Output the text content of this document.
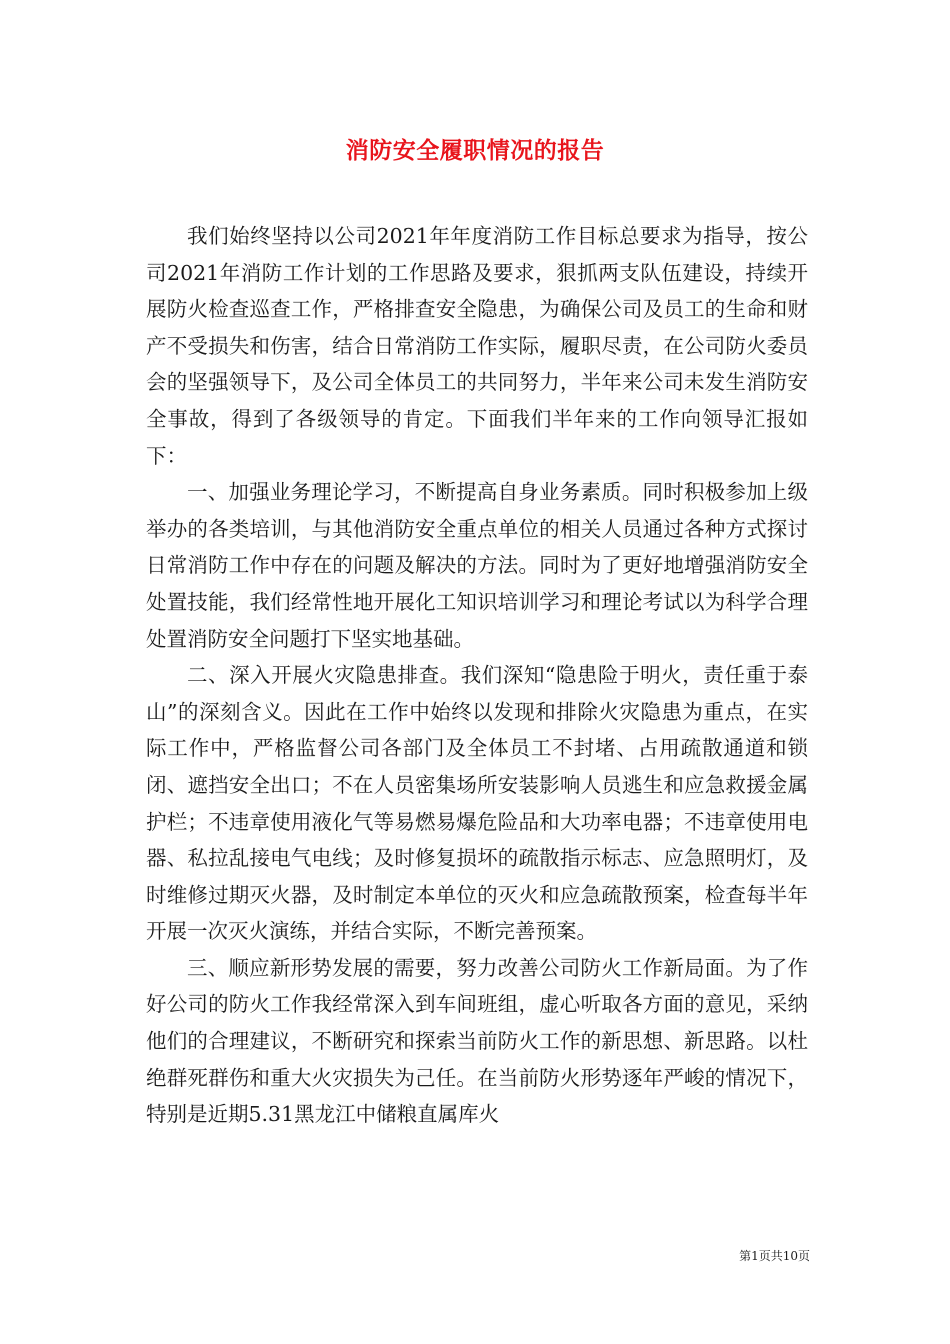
消防安全履职情况的报告

我们始终坚持以公司2021年年度消防工作目标总要求为指导，按公司2021年消防工作计划的工作思路及要求，狠抓两支队伍建设，持续开展防火检查巡查工作，严格排查安全隐患，为确保公司及员工的生命和财产不受损失和伤害，结合日常消防工作实际，履职尽责，在公司防火委员会的坚强领导下，及公司全体员工的共同努力，半年来公司未发生消防安全事故，得到了各级领导的肯定。下面我们半年来的工作向领导汇报如下：

一、加强业务理论学习，不断提高自身业务素质。同时积极参加上级举办的各类培训，与其他消防安全重点单位的相关人员通过各种方式探讨日常消防工作中存在的问题及解决的方法。同时为了更好地增强消防安全处置技能，我们经常性地开展化工知识培训学习和理论考试以为科学合理处置消防安全问题打下坚实地基础。

二、深入开展火灾隐患排查。我们深知“隐患险于明火，责任重于泰山”的深刻含义。因此在工作中始终以发现和排除火灾隐患为重点，在实际工作中，严格监督公司各部门及全体员工不封堵、占用疏散通道和锁闭、遮挡安全出口；不在人员密集场所安装影响人员逃生和应急救援金属护栏；不违章使用液化气等易燃易爆危险品和大功率电器；不违章使用电器、私拉乱接电气电线；及时修复损坏的疏散指示标志、应急照明灯，及时维修过期灭火器，及时制定本单位的灭火和应急疏散预案，检查每半年开展一次灭火演练，并结合实际，不断完善预案。

三、顺应新形势发展的需要，努力改善公司防火工作新局面。为了作好公司的防火工作我经常深入到车间班组，虚心听取各方面的意见，采纳他们的合理建议，不断研究和探索当前防火工作的新思想、新思路。以杜绝群死群伤和重大火灾损失为己任。在当前防火形势逐年严峻的情况下，特别是近期5.31黑龙江中储粮直属库火

第1页共10页
